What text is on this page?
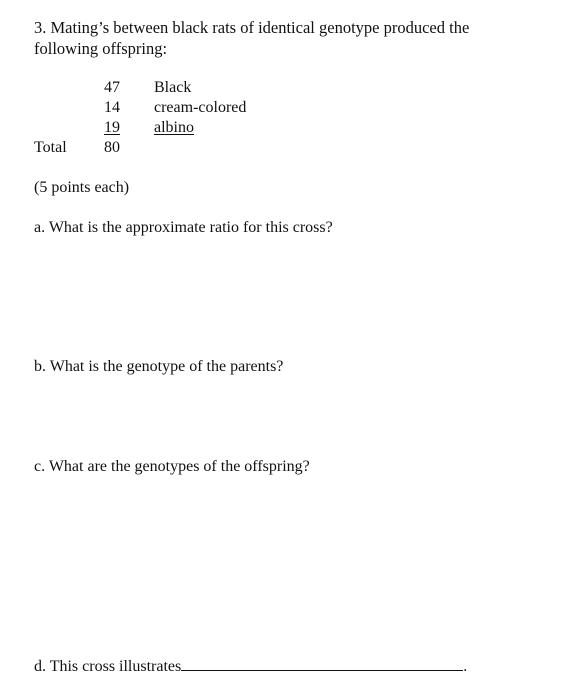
3. Mating’s between black rats of identical genotype produced the
following offspring:
47 Black
14 cream-colored
19 albino
Total	80
(5 points each)
a. What is the approximate ratio for this cross?
b. What is the genotype of the parents?
c. What are the genotypes of the offspring?
d. This cross illustrates	.
